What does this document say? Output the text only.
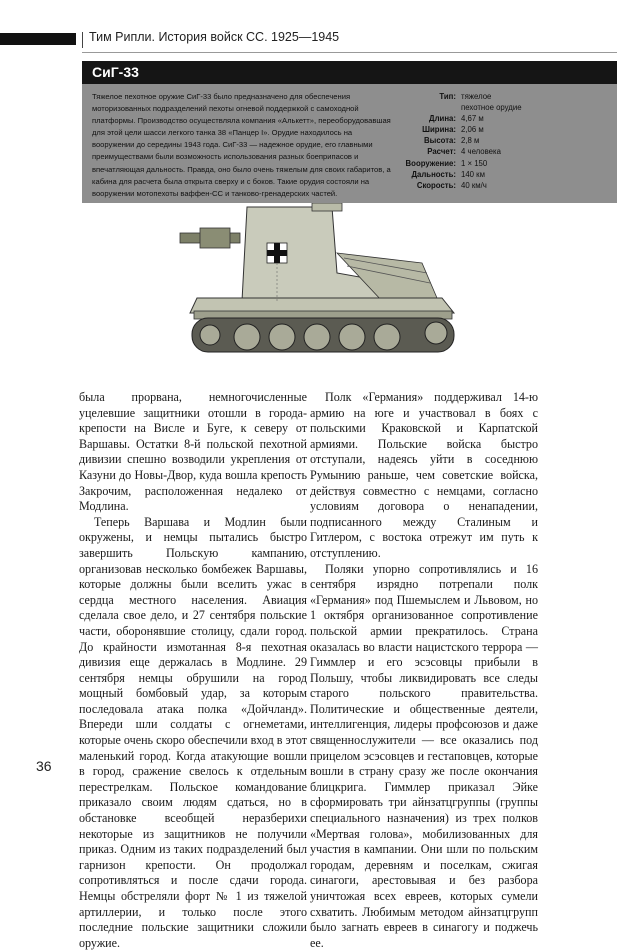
Тим Рипли. История войск СС. 1925—1945
СиГ-33
Тяжелое пехотное оружие СиГ-33 было предназначено для обеспечения моторизованных подразделений пехоты огневой поддержкой с самоходной платформы. Производство осуществляла компания «Алькетт», переоборудовавшая для этой цели шасси легкого танка 38 «Панцер I». Орудие находилось на вооружении до середины 1943 года. СиГ-33 — надежное орудие, его главными преимуществами были возможность использования разных боеприпасов и впечатляющая дальность. Правда, оно было очень тяжелым для своих габаритов, а кабина для расчета была открыта сверху и с боков. Такие орудия состояли на вооружении мотопехоты ваффен-СС и танково-гренадерских частей.
Тип: тяжелое
пехотное орудие
Длина: 4,67 м
Ширина: 2,06 м
Высота: 2,8 м
Расчет: 4 человека
Вооружение: 1 × 150
Дальность: 140 км
Скорость: 40 км/ч

была прорвана, немногочисленные уцелевшие защитники отошли в города-крепости на Висле и Буге, к северу от Варшавы. Остатки 8-й польской пехотной дивизии спешно возводили укрепления от Казуни до Новы-Двор, куда вошла крепость Закрочим, расположенная недалеко от Модлина.

Теперь Варшава и Модлин были окружены, и немцы пытались быстро завершить Польскую кампанию, организовав несколько бомбежек Варшавы, которые должны были вселить ужас в сердца местного населения. Авиация сделала свое дело, и 27 сентября польские части, оборонявшие столицу, сдали город. До крайности измотанная 8-я пехотная дивизия еще держалась в Модлине. 29 сентября немцы обрушили на город мощный бомбовый удар, за которым последовала атака полка «Дойчланд». Впереди шли солдаты с огнеметами, которые очень скоро обеспечили вход в этот маленький город. Когда атакующие вошли в город, сражение свелось к отдельным перестрелкам. Польское командование приказало своим людям сдаться, но в обстановке всеобщей неразберихи некоторые из защитников не получили приказ. Одним из таких подразделений был гарнизон крепости. Он продолжал сопротивляться и после сдачи города. Немцы обстреляли форт № 1 из тяжелой артиллерии, и только после этого последние польские защитники сложили оружие.

Полк «Германия» поддерживал 14-ю армию на юге и участвовал в боях с польскими Краковской и Карпатской армиями. Польские войска быстро отступали, надеясь уйти в соседнюю Румынию раньше, чем советские войска, действуя совместно с немцами, согласно условиям договора о ненападении, подписанного между Сталиным и Гитлером, с востока отрежут им путь к отступлению.

Поляки упорно сопротивлялись и 16 сентября изрядно потрепали полк «Германия» под Пшемыслем и Львовом, но 1 октября организованное сопротивление польской армии прекратилось. Страна оказалась во власти нацистского террора — Гиммлер и его эсэсовцы прибыли в Польшу, чтобы ликвидировать все следы старого польского правительства. Политические и общественные деятели, интеллигенция, лидеры профсоюзов и даже священнослужители — все оказались под прицелом эсэсовцев и гестаповцев, которые вошли в страну сразу же после окончания блицкрига. Гиммлер приказал Эйке сформировать три айнзатцгруппы (группы специального назначения) из трех полков «Мертвая голова», мобилизованных для участия в кампании. Они шли по польским городам, деревням и поселкам, сжигая синагоги, арестовывая и без разбора уничтожая всех евреев, которых сумели схватить. Любимым методом айнзатцгрупп было загнать евреев в синагогу и поджечь ее.

36
